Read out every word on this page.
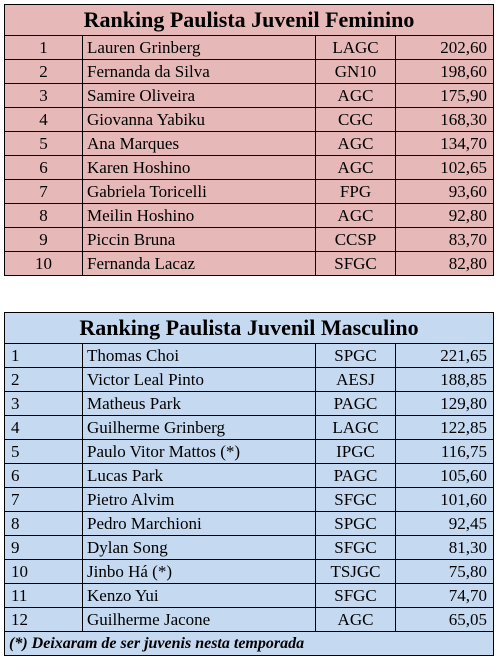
Ranking Paulista Juvenil Feminino			
1	Lauren Grinberg	LAGC	202,60
2	Fernanda da Silva	GN10	198,60
3	Samire Oliveira	AGC	175,90
4	Giovanna Yabiku	CGC	168,30
5	Ana Marques	AGC	134,70
6	Karen Hoshino	AGC	102,65
7	Gabriela Toricelli	FPG	93,60
8	Meilin Hoshino	AGC	92,80
9	Piccin Bruna	CCSP	83,70
10	Fernanda Lacaz	SFGC	82,80
Ranking Paulista Juvenil Masculino			
1	Thomas Choi	SPGC	221,65
2	Victor Leal Pinto	AESJ	188,85
3	Matheus Park	PAGC	129,80
4	Guilherme Grinberg	LAGC	122,85
5	Paulo Vitor Mattos (*)	IPGC	116,75
6	Lucas Park	PAGC	105,60
7	Pietro Alvim	SFGC	101,60
8	Pedro Marchioni	SPGC	92,45
9	Dylan Song	SFGC	81,30
10	Jinbo Há (*)	TSJGC	75,80
11	Kenzo Yui	SFGC	74,70
12	Guilherme Jacone	AGC	65,05
(*) Deixaram de ser juvenis nesta temporada			
